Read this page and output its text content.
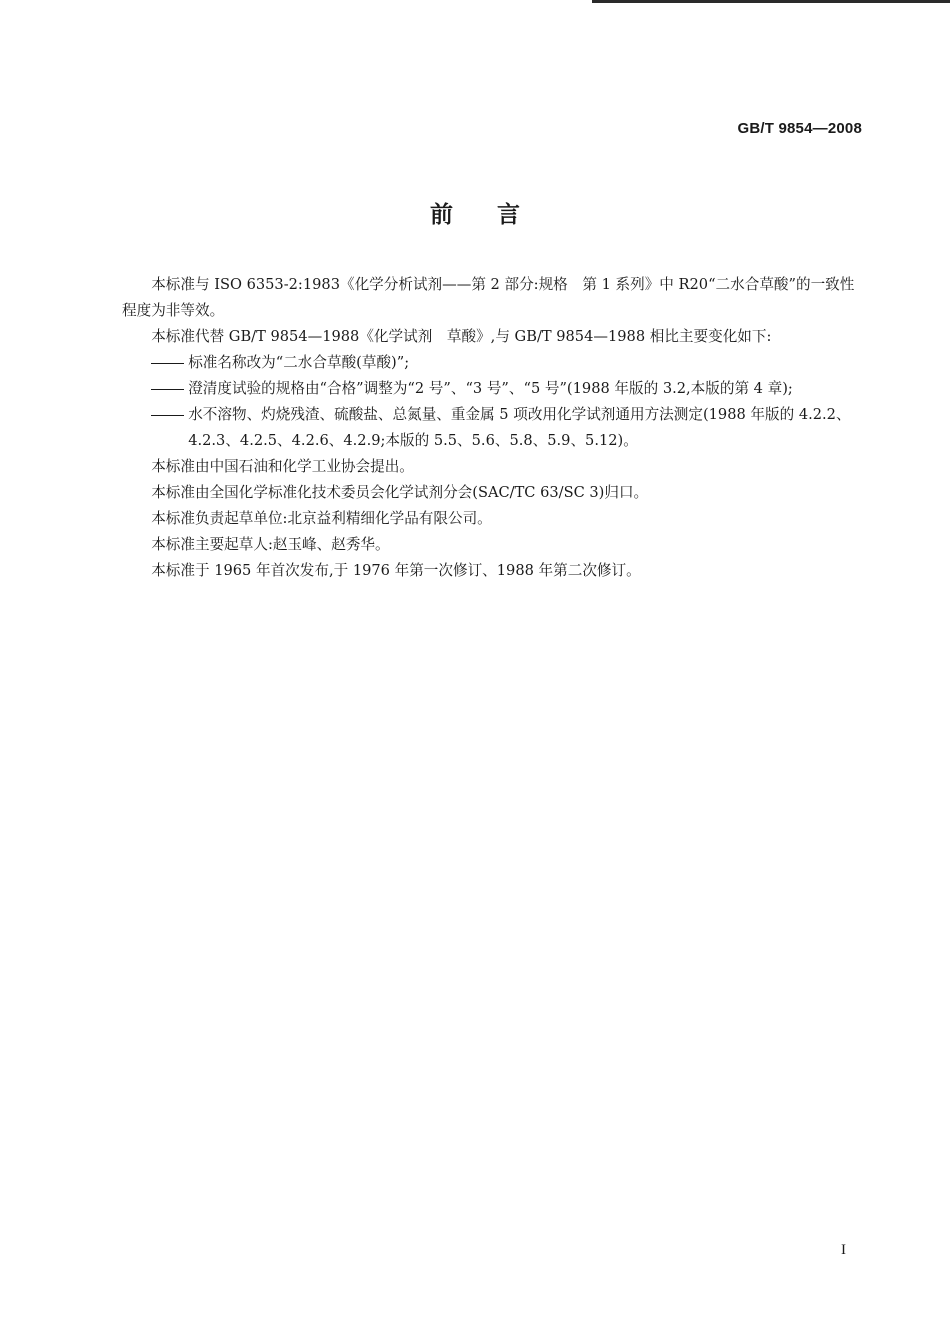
GB/T 9854—2008
前言

本标准与 ISO 6353-2:1983《化学分析试剂——第 2 部分:规格　第 1 系列》中 R20“二水合草酸”的一致性程度为非等效。

本标准代替 GB/T 9854—1988《化学试剂　草酸》,与 GB/T 9854—1988 相比主要变化如下:

标准名称改为“二水合草酸(草酸)”;

澄清度试验的规格由“合格”调整为“2 号”、“3 号”、“5 号”(1988 年版的 3.2,本版的第 4 章);

水不溶物、灼烧残渣、硫酸盐、总氮量、重金属 5 项改用化学试剂通用方法测定(1988 年版的 4.2.2、4.2.3、4.2.5、4.2.6、4.2.9;本版的 5.5、5.6、5.8、5.9、5.12)。

本标准由中国石油和化学工业协会提出。

本标准由全国化学标准化技术委员会化学试剂分会(SAC/TC 63/SC 3)归口。

本标准负责起草单位:北京益利精细化学品有限公司。

本标准主要起草人:赵玉峰、赵秀华。

本标准于 1965 年首次发布,于 1976 年第一次修订、1988 年第二次修订。

I
